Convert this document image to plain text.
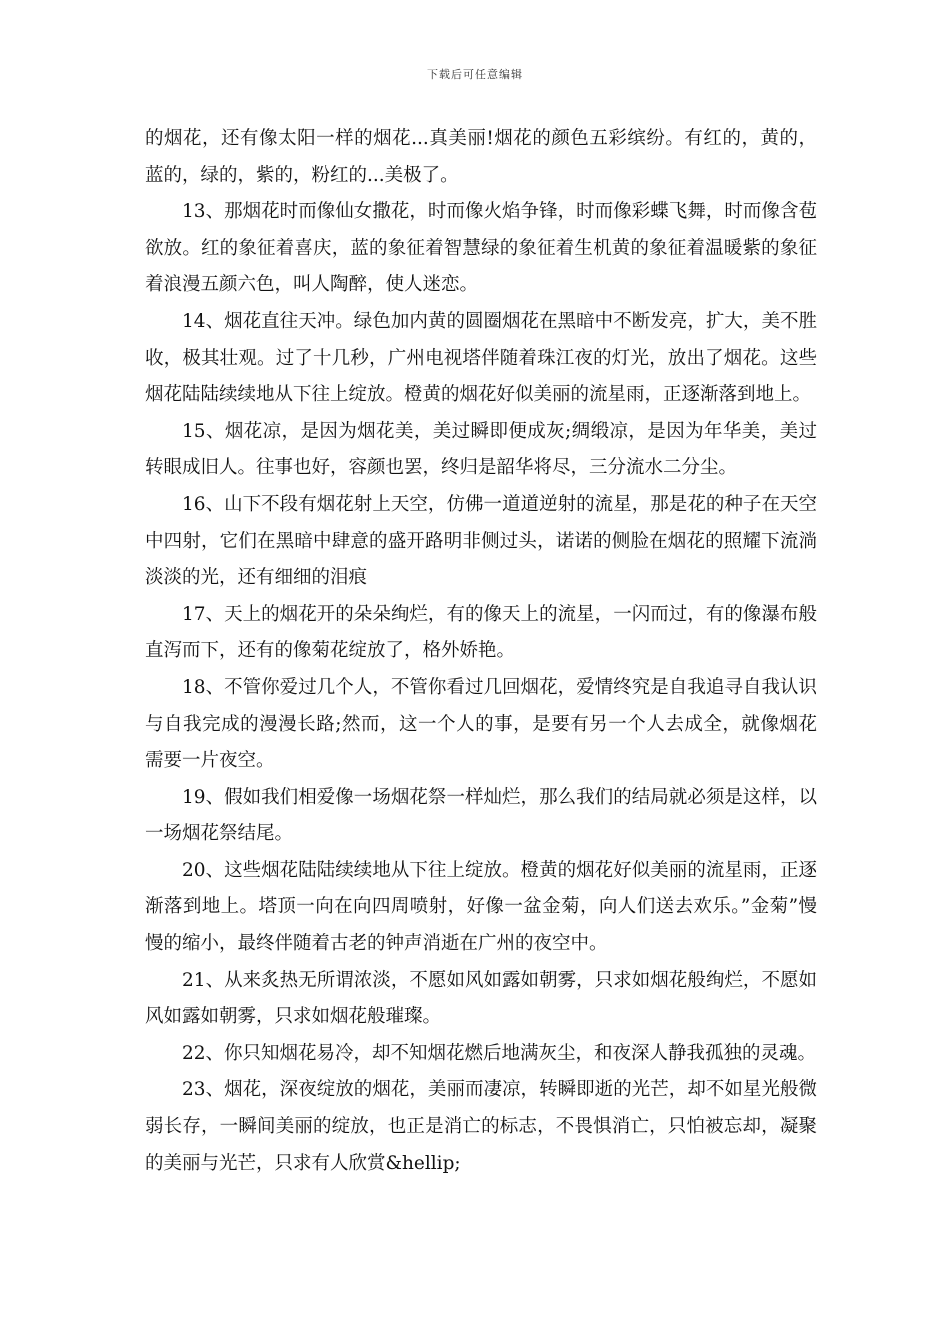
下载后可任意编辑

的烟花，还有像太阳一样的烟花...真美丽!烟花的颜色五彩缤纷。有红的，黄的，蓝的，绿的，紫的，粉红的...美极了。

13、那烟花时而像仙女撒花，时而像火焰争锋，时而像彩蝶飞舞，时而像含苞欲放。红的象征着喜庆，蓝的象征着智慧绿的象征着生机黄的象征着温暖紫的象征着浪漫五颜六色，叫人陶醉，使人迷恋。

14、烟花直往天冲。绿色加内黄的圆圈烟花在黑暗中不断发亮，扩大，美不胜收，极其壮观。过了十几秒，广州电视塔伴随着珠江夜的灯光，放出了烟花。这些烟花陆陆续续地从下往上绽放。橙黄的烟花好似美丽的流星雨，正逐渐落到地上。

15、烟花凉，是因为烟花美，美过瞬即便成灰;绸缎凉，是因为年华美，美过转眼成旧人。往事也好，容颜也罢，终归是韶华将尽，三分流水二分尘。

16、山下不段有烟花射上天空，仿佛一道道逆射的流星，那是花的种子在天空中四射，它们在黑暗中肆意的盛开路明非侧过头，诺诺的侧脸在烟花的照耀下流淌淡淡的光，还有细细的泪痕

17、天上的烟花开的朵朵绚烂，有的像天上的流星，一闪而过，有的像瀑布般直泻而下，还有的像菊花绽放了，格外娇艳。

18、不管你爱过几个人，不管你看过几回烟花，爱情终究是自我追寻自我认识与自我完成的漫漫长路;然而，这一个人的事，是要有另一个人去成全，就像烟花需要一片夜空。

19、假如我们相爱像一场烟花祭一样灿烂，那么我们的结局就必须是这样，以一场烟花祭结尾。

20、这些烟花陆陆续续地从下往上绽放。橙黄的烟花好似美丽的流星雨，正逐渐落到地上。塔顶一向在向四周喷射，好像一盆金菊，向人们送去欢乐。”金菊”慢慢的缩小，最终伴随着古老的钟声消逝在广州的夜空中。

21、从来炙热无所谓浓淡，不愿如风如露如朝雾，只求如烟花般绚烂，不愿如风如露如朝雾，只求如烟花般璀璨。

22、你只知烟花易冷，却不知烟花燃后地满灰尘，和夜深人静我孤独的灵魂。

23、烟花，深夜绽放的烟花，美丽而凄凉，转瞬即逝的光芒，却不如星光般微弱长存，一瞬间美丽的绽放，也正是消亡的标志，不畏惧消亡，只怕被忘却，凝聚的美丽与光芒，只求有人欣赏&hellip;
